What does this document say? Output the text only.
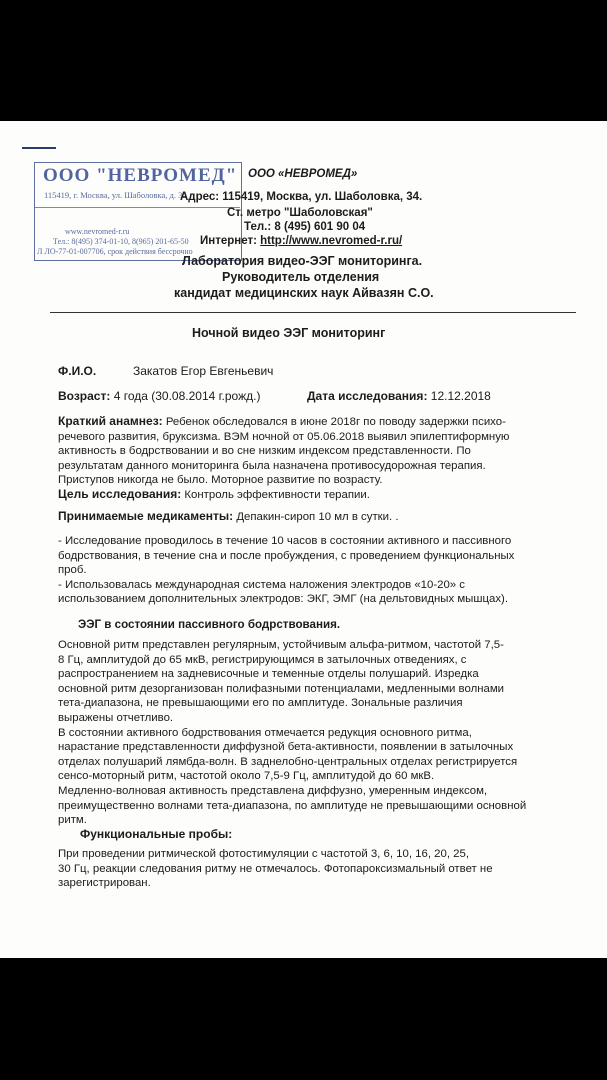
ООО "НЕВРОМЕД"
115419, г. Москва, ул. Шаболовка, д. 34
www.nevromed-r.ru
Тел.: 8(495) 374-01-10, 8(965) 201-65-50
Л ЛО-77-01-007706, срок действия бессрочно
ООО «НЕВРОМЕД»
Адрес: 115419, Москва, ул. Шаболовка, 34.
Ст. метро "Шаболовская"
Тел.: 8 (495) 601 90 04
Интернет: http://www.nevromed-r.ru/
Лаборатория видео-ЭЭГ мониторинга.
Руководитель отделения
кандидат медицинских наук Айвазян С.О.
Ночной видео ЭЭГ мониторинг
Ф.И.О.	Закатов Егор Евгеньевич
Возраст: 4 года (30.08.2014 г.рожд.)	Дата исследования: 12.12.2018
Краткий анамнез: Ребенок обследовался в июне 2018г по поводу задержки психо-
речевого развития, бруксизма. ВЭМ ночной от 05.06.2018 выявил эпилептиформную
активность в бодрствовании и во сне низким индексом представленности. По
результатам данного мониторинга была назначена противосудорожная терапия.
Приступов никогда не было. Моторное развитие по возрасту.
Цель исследования: Контроль эффективности терапии.
Принимаемые медикаменты: Депакин-сироп 10 мл в сутки. .
- Исследование проводилось в течение 10 часов в состоянии активного и пассивного
бодрствования, в течение сна и после пробуждения, с проведением функциональных
проб.
- Использовалась международная система наложения электродов «10-20» с
использованием дополнительных электродов: ЭКГ, ЭМГ (на дельтовидных мышцах).
ЭЭГ в состоянии пассивного бодрствования.
Основной ритм представлен регулярным, устойчивым альфа-ритмом, частотой 7,5-
8 Гц, амплитудой до 65 мкВ, регистрирующимся в затылочных отведениях, с
распространением на задневисочные и теменные отделы полушарий. Изредка
основной ритм дезорганизован полифазными потенциалами, медленными волнами
тета-диапазона, не превышающими его по амплитуде. Зональные различия
выражены отчетливо.
В состоянии активного бодрствования отмечается редукция основного ритма,
нарастание представленности диффузной бета-активности, появлении в затылочных
отделах полушарий лямбда-волн. В заднелобно-центральных отделах регистрируется
сенсо-моторный ритм, частотой около 7,5-9 Гц, амплитудой до 60 мкВ.
Медленно-волновая активность представлена диффузно, умеренным индексом,
преимущественно волнами тета-диапазона, по амплитуде не превышающими основной
ритм.
Функциональные пробы:
При проведении ритмической фотостимуляции с частотой 3, 6, 10, 16, 20, 25,
30 Гц, реакции следования ритму не отмечалось. Фотопароксизмальный ответ не
зарегистрирован.
